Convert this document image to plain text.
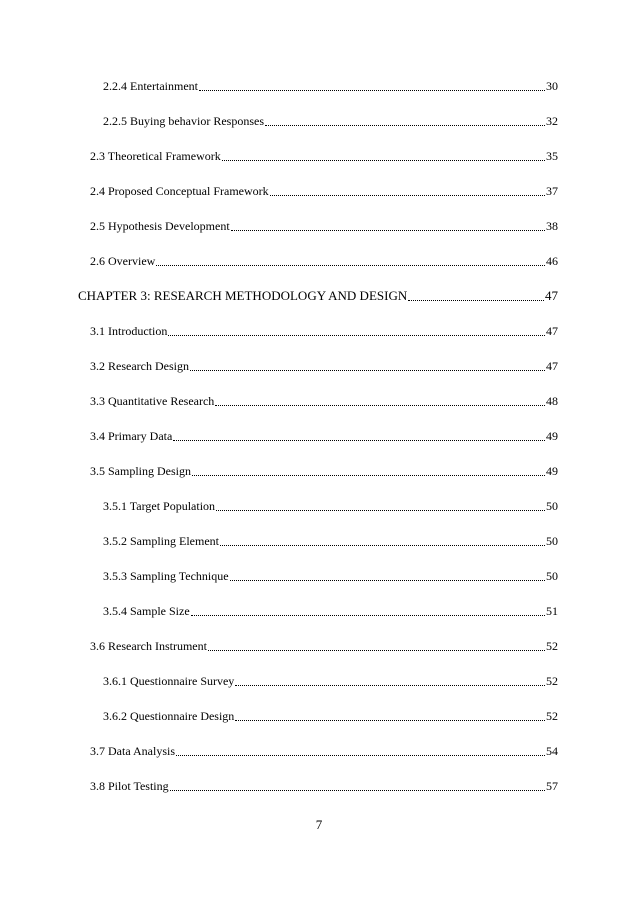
2.2.4 Entertainment	30
2.2.5 Buying behavior Responses	32
2.3 Theoretical Framework	35
2.4 Proposed Conceptual Framework	37
2.5 Hypothesis Development	38
2.6 Overview	46
CHAPTER 3: RESEARCH METHODOLOGY AND DESIGN	47
3.1 Introduction	47
3.2 Research Design	47
3.3 Quantitative Research	48
3.4 Primary Data	49
3.5 Sampling Design	49
3.5.1 Target Population	50
3.5.2 Sampling Element	50
3.5.3 Sampling Technique	50
3.5.4 Sample Size	51
3.6 Research Instrument	52
3.6.1 Questionnaire Survey	52
3.6.2 Questionnaire Design	52
3.7 Data Analysis	54
3.8 Pilot Testing	57
7
